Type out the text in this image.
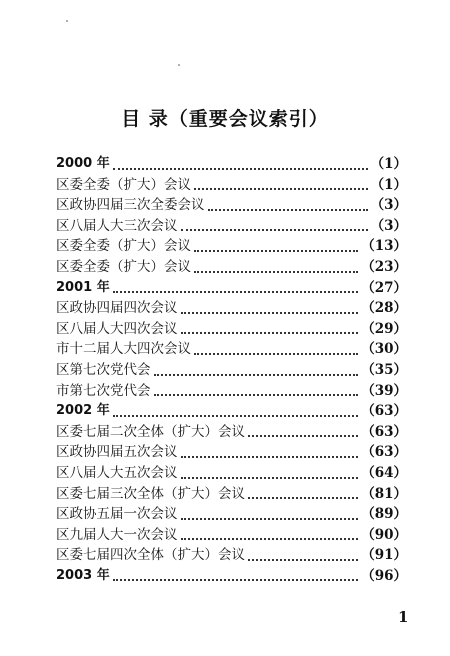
目 录（重要会议索引）
2000 年	（1）
区委全委（扩大）会议	（1）
区政协四届三次全委会议	（3）
区八届人大三次会议	（3）
区委全委（扩大）会议	（13）
区委全委（扩大）会议	（23）
2001 年	（27）
区政协四届四次会议	（28）
区八届人大四次会议	（29）
市十二届人大四次会议	（30）
区第七次党代会	（35）
市第七次党代会	（39）
2002 年	（63）
区委七届二次全体（扩大）会议	（63）
区政协四届五次会议	（63）
区八届人大五次会议	（64）
区委七届三次全体（扩大）会议	（81）
区政协五届一次会议	（89）
区九届人大一次会议	（90）
区委七届四次全体（扩大）会议	（91）
2003 年	（96）
1
